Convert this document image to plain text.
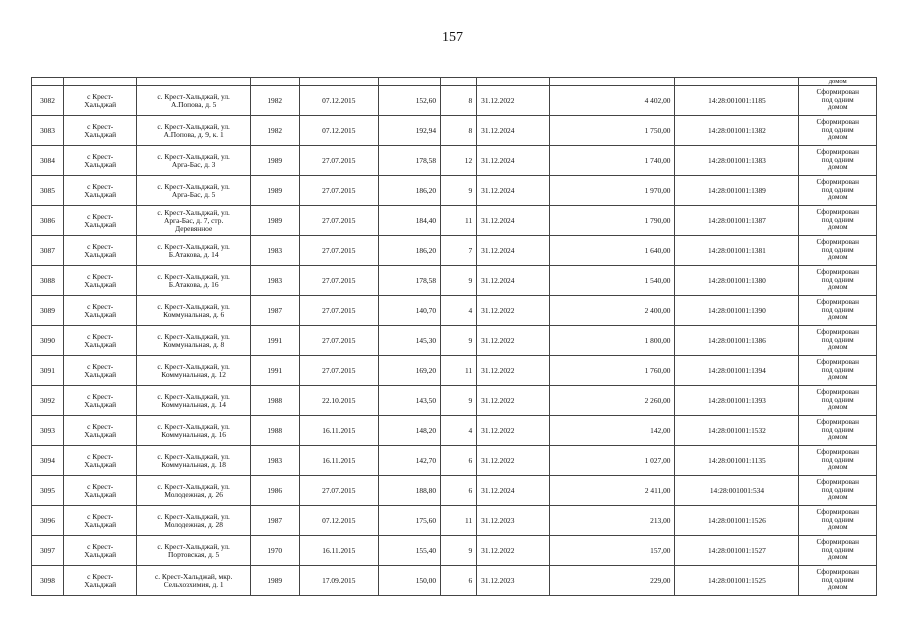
157
										домом
3082	с Крест-
Хальджай	с. Крест-Хальджай, ул.
А.Попова, д. 5	1982	07.12.2015	152,60	8	31.12.2022	4 402,00	14:28:001001:1185	Сформирован
под одним
домом

3083	с Крест-
Хальджай	с. Крест-Хальджай, ул.
А.Попова, д. 9, к. 1	1982	07.12.2015	192,94	8	31.12.2024	1 750,00	14:28:001001:1382	Сформирован
под одним
домом

3084	с Крест-
Хальджай	с. Крест-Хальджай, ул.
Арга-Бас, д. 3	1989	27.07.2015	178,58	12	31.12.2024	1 740,00	14:28:001001:1383	Сформирован
под одним
домом

3085	с Крест-
Хальджай	с. Крест-Хальджай, ул.
Арга-Бас, д. 5	1989	27.07.2015	186,20	9	31.12.2024	1 970,00	14:28:001001:1389	Сформирован
под одним
домом

3086	с Крест-
Хальджай	с. Крест-Хальджай, ул.
Арга-Бас, д. 7, стр.
Деревянное	1989	27.07.2015	184,40	11	31.12.2024	1 790,00	14:28:001001:1387	Сформирован
под одним
домом

3087	с Крест-
Хальджай	с. Крест-Хальджай, ул.
Б.Атакова, д. 14	1983	27.07.2015	186,20	7	31.12.2024	1 640,00	14:28:001001:1381	Сформирован
под одним
домом

3088	с Крест-
Хальджай	с. Крест-Хальджай, ул.
Б.Атакова, д. 16	1983	27.07.2015	178,58	9	31.12.2024	1 540,00	14:28:001001:1380	Сформирован
под одним
домом

3089	с Крест-
Хальджай	с. Крест-Хальджай, ул.
Коммунальная, д. 6	1987	27.07.2015	140,70	4	31.12.2022	2 400,00	14:28:001001:1390	Сформирован
под одним
домом

3090	с Крест-
Хальджай	с. Крест-Хальджай, ул.
Коммунальная, д. 8	1991	27.07.2015	145,30	9	31.12.2022	1 800,00	14:28:001001:1386	Сформирован
под одним
домом

3091	с Крест-
Хальджай	с. Крест-Хальджай, ул.
Коммунальная, д. 12	1991	27.07.2015	169,20	11	31.12.2022	1 760,00	14:28:001001:1394	Сформирован
под одним
домом

3092	с Крест-
Хальджай	с. Крест-Хальджай, ул.
Коммунальная, д. 14	1988	22.10.2015	143,50	9	31.12.2022	2 260,00	14:28:001001:1393	Сформирован
под одним
домом

3093	с Крест-
Хальджай	с. Крест-Хальджай, ул.
Коммунальная, д. 16	1988	16.11.2015	148,20	4	31.12.2022	142,00	14:28:001001:1532	Сформирован
под одним
домом

3094	с Крест-
Хальджай	с. Крест-Хальджай, ул.
Коммунальная, д. 18	1983	16.11.2015	142,70	6	31.12.2022	1 027,00	14:28:001001:1135	Сформирован
под одним
домом

3095	с Крест-
Хальджай	с. Крест-Хальджай, ул.
Молодежная, д. 26	1986	27.07.2015	188,80	6	31.12.2024	2 411,00	14:28:001001:534	Сформирован
под одним
домом

3096	с Крест-
Хальджай	с. Крест-Хальджай, ул.
Молодежная, д. 28	1987	07.12.2015	175,60	11	31.12.2023	213,00	14:28:001001:1526	Сформирован
под одним
домом

3097	с Крест-
Хальджай	с. Крест-Хальджай, ул.
Портовская, д. 5	1970	16.11.2015	155,40	9	31.12.2022	157,00	14:28:001001:1527	Сформирован
под одним
домом

3098	с Крест-
Хальджай	с. Крест-Хальджай, мкр.
Сельхозхимия, д. 1	1989	17.09.2015	150,00	6	31.12.2023	229,00	14:28:001001:1525	Сформирован
под одним
домом
